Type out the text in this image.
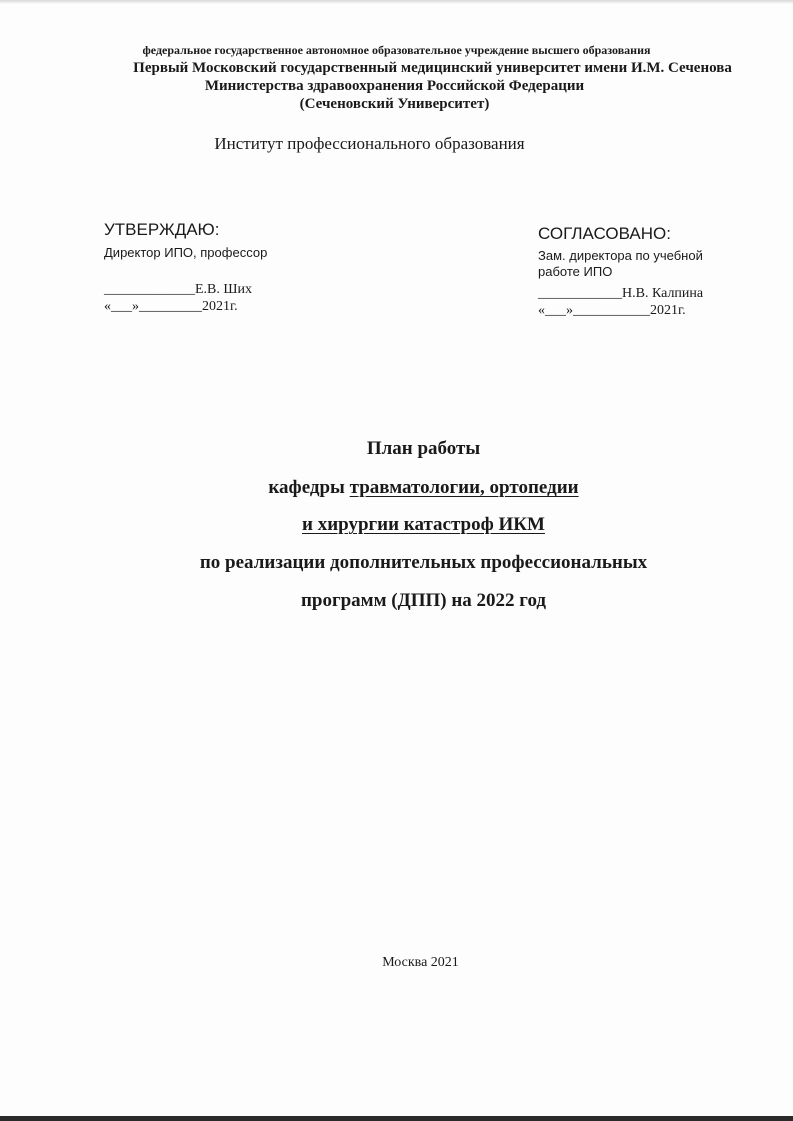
федеральное государственное автономное образовательное учреждение высшего образования
Первый Московский государственный медицинский университет имени И.М. Сеченова
Министерства здравоохранения Российской Федерации
(Сеченовский Университет)
Институт профессионального образования
УТВЕРЖДАЮ:
Директор ИПО, профессор
_____________Е.В. Ших
«___»_________2021г.
СОГЛАСОВАНО:
Зам. директора по учебной работе ИПО
____________Н.В. Калпина
«___»___________2021г.
План работы
кафедры травматологии, ортопедии
и хирургии катастроф ИКМ
по реализации дополнительных профессиональных
программ (ДПП) на 2022 год
Москва 2021
